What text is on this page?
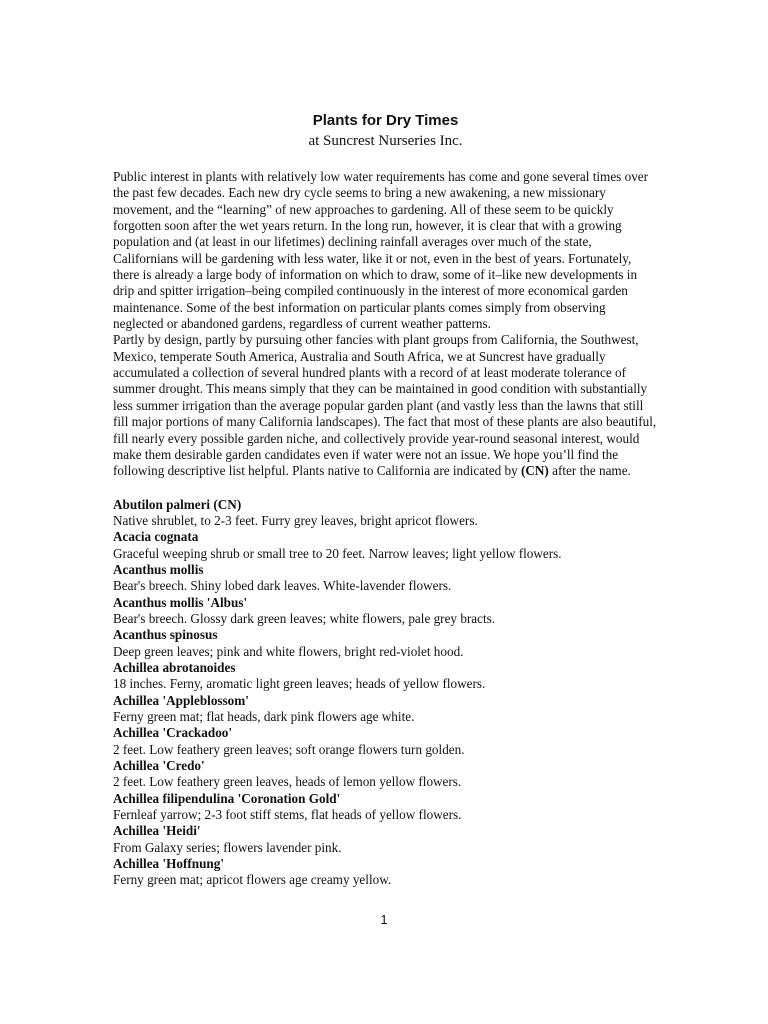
Plants for Dry Times
at Suncrest Nurseries Inc.

Public interest in plants with relatively low water requirements has come and gone several times over the past few decades. Each new dry cycle seems to bring a new awakening, a new missionary movement, and the “learning” of new approaches to gardening. All of these seem to be quickly forgotten soon after the wet years return. In the long run, however, it is clear that with a growing population and (at least in our lifetimes) declining rainfall averages over much of the state, Californians will be gardening with less water, like it or not, even in the best of years. Fortunately, there is already a large body of information on which to draw, some of it–like new developments in drip and spitter irrigation–being compiled continuously in the interest of more economical garden maintenance. Some of the best information on particular plants comes simply from observing neglected or abandoned gardens, regardless of current weather patterns.

Partly by design, partly by pursuing other fancies with plant groups from California, the Southwest, Mexico, temperate South America, Australia and South Africa, we at Suncrest have gradually accumulated a collection of several hundred plants with a record of at least moderate tolerance of summer drought. This means simply that they can be maintained in good condition with substantially less summer irrigation than the average popular garden plant (and vastly less than the lawns that still fill major portions of many California landscapes). The fact that most of these plants are also beautiful, fill nearly every possible garden niche, and collectively provide year-round seasonal interest, would make them desirable garden candidates even if water were not an issue. We hope you’ll find the following descriptive list helpful. Plants native to California are indicated by (CN) after the name.

Abutilon palmeri (CN)
Native shrublet, to 2-3 feet. Furry grey leaves, bright apricot flowers.
Acacia cognata
Graceful weeping shrub or small tree to 20 feet. Narrow leaves; light yellow flowers.
Acanthus mollis
Bear's breech. Shiny lobed dark leaves. White-lavender flowers.
Acanthus mollis 'Albus'
Bear's breech. Glossy dark green leaves; white flowers, pale grey bracts.
Acanthus spinosus
Deep green leaves; pink and white flowers, bright red-violet hood.
Achillea abrotanoides
18 inches. Ferny, aromatic light green leaves; heads of yellow flowers.
Achillea 'Appleblossom'
Ferny green mat; flat heads, dark pink flowers age white.
Achillea 'Crackadoo'
2 feet. Low feathery green leaves; soft orange flowers turn golden.
Achillea 'Credo'
2 feet. Low feathery green leaves, heads of lemon yellow flowers.
Achillea filipendulina 'Coronation Gold'
Fernleaf yarrow; 2-3 foot stiff stems, flat heads of yellow flowers.
Achillea 'Heidi'
From Galaxy series; flowers lavender pink.
Achillea 'Hoffnung'
Ferny green mat; apricot flowers age creamy yellow.
1
